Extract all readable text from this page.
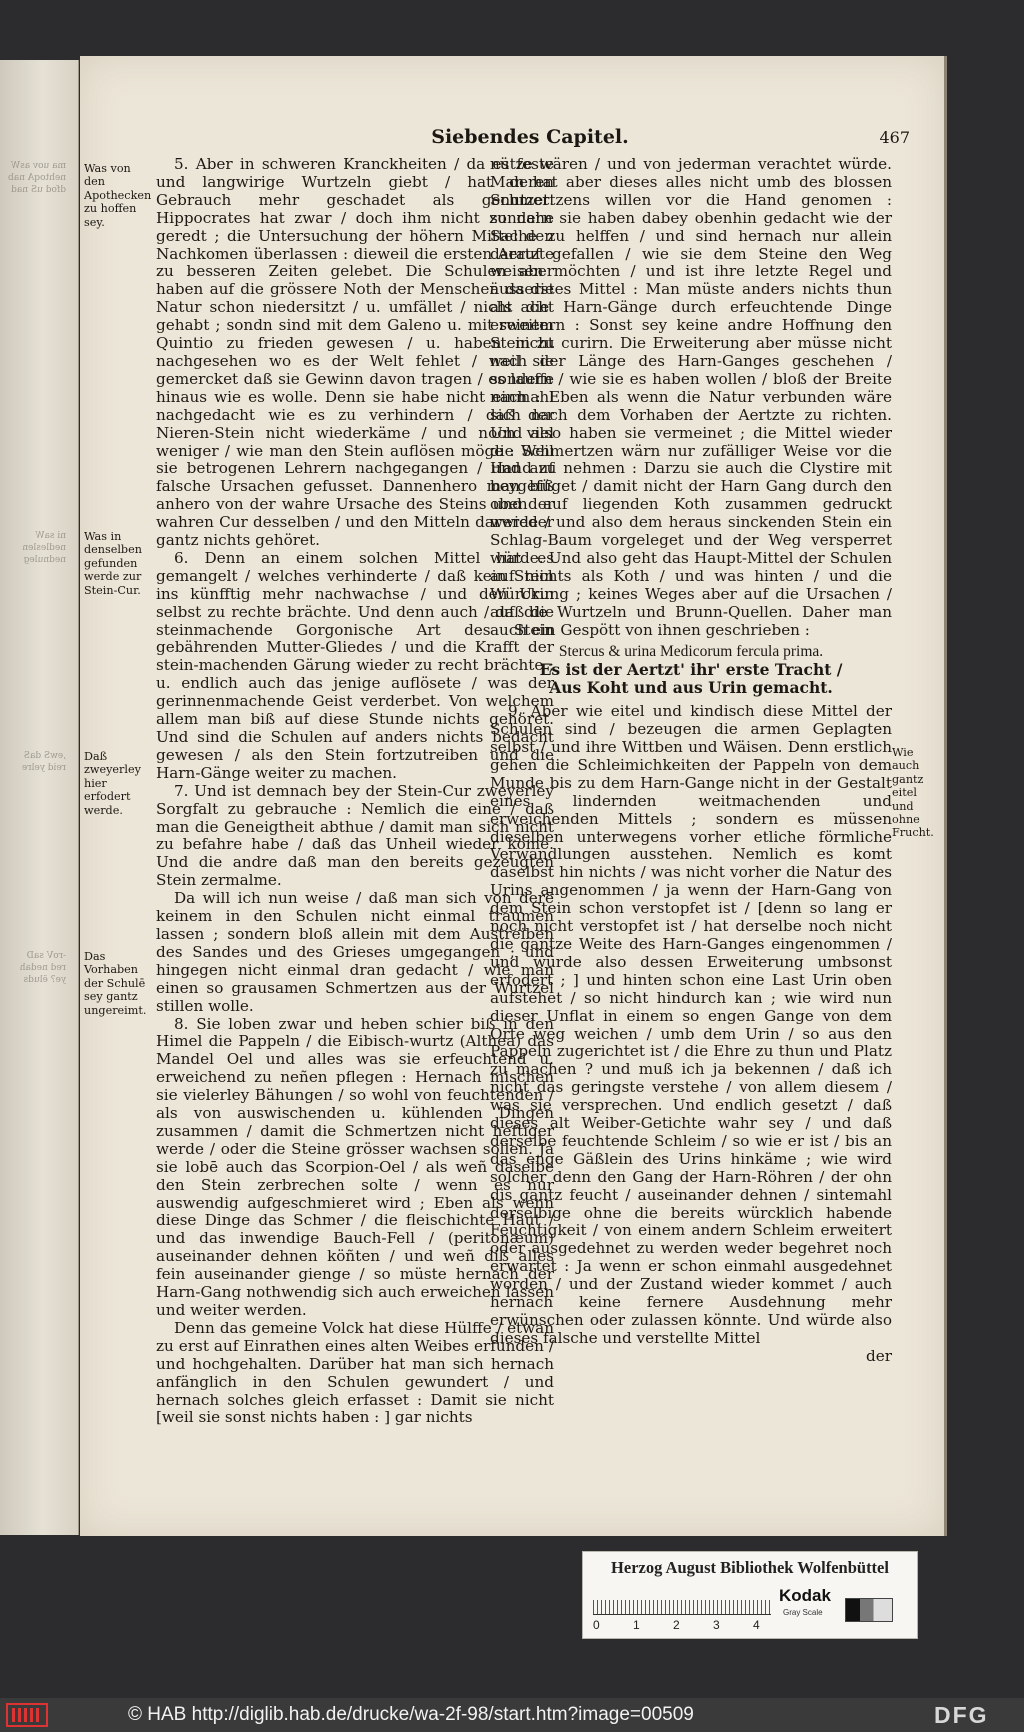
ma uov asW
nehtoqA nab
dfod uS nad
ni saW
nedleslen
nednuleg
,ewS daS
reid yelre
-roV saD
red nedah
ye? ëluds
Siebendes Capitel.	467

5. Aber in schweren Kranckheiten / da es feste und langwirige Wurtzeln giebt / hat deren Gebrauch mehr geschadet als genutzet. Hippocrates hat zwar / doch ihm nicht zu nahe geredt ; die Untersuchung der höhern Mittel den Nachkomen überlassen : dieweil die ersten Aertzte zu besseren Zeiten gelebet. Die Schulen aber haben auf die grössere Noth der Menschen da die Natur schon niedersitzt / u. umfället / nicht acht gehabt ; sondn sind mit dem Galeno u. mit seinem Quintio zu frieden gewesen / u. haben nicht nachgesehen wo es der Welt fehlet / weil sie gemercket daß sie Gewinn davon tragen / es lauffe hinaus wie es wolle. Denn sie habe nicht einmahl nachgedacht wie es zu verhindern / daß der Nieren-Stein nicht wiederkäme / und noch viel weniger / wie man den Stein auflösen möge : Weil sie betrogenen Lehrern nachgegangen / und auf falsche Ursachen gefusset. Dannenhero man biß anhero von der wahre Ursache des Steins und der wahren Cur desselben / und den Mitteln darwieder gantz nichts gehöret.

6. Denn an einem solchen Mittel hat es gemangelt / welches verhinderte / daß kein Stein ins künfftig mehr nachwachse / und den Urin selbst zu rechte brächte. Und denn auch / daß die steinmachende Gorgonische Art des Stein gebährenden Mutter-Gliedes / und die Krafft der stein-machenden Gärung wieder zu recht brächte ; u. endlich auch das jenige auflösete / was der gerinnenmachende Geist verderbet. Von welchem allem man biß auf diese Stunde nichts gehöret. Und sind die Schulen auf anders nichts bedacht gewesen / als den Stein fortzutreiben und die Harn-Gänge weiter zu machen.

7. Und ist demnach bey der Stein-Cur zweyerley Sorgfalt zu gebrauche : Nemlich die eine / daß man die Geneigtheit abthue / damit man sich nicht zu befahre habe / daß das Unheil wieder kome. Und die andre daß man den bereits gezeugten Stein zermalme.

Da will ich nun weise / daß man sich von derē keinem in den Schulen nicht einmal traumen lassen ; sondern bloß allein mit dem Austreiben des Sandes und des Grieses umgegangen ; und hingegen nicht einmal dran gedacht / wie man einen so grausamen Schmertzen aus der Wurtzel stillen wolle.

8. Sie loben zwar und heben schier biß in den Himel die Pappeln / die Eibisch-wurtz (Althea) das Mandel Oel und alles was sie erfeuchtend u. erweichend zu neñen pflegen : Hernach mischen sie vielerley Bähungen / so wohl von feuchtenden / als von auswischenden u. kühlenden Dingen zusammen / damit die Schmertzen nicht heftiger werde / oder die Steine grösser wachsen sollen. Ja sie lobē auch das Scorpion-Oel / als weñ daselbe den Stein zerbrechen solte / wenn es nur auswendig aufgeschmieret wird ; Eben als wenn diese Dinge das Schmer / die fleischichte Haut / und das inwendige Bauch-Fell / (peritonæum) auseinander dehnen köñten / und weñ diß alles fein auseinander gienge / so müste hernach der Harn-Gang nothwendig sich auch erweichen lassen und weiter werden.

Denn das gemeine Volck hat diese Hülffe / etwan zu erst auf Einrathen eines alten Weibes erfunden / und hochgehalten. Darüber hat man sich hernach anfänglich in den Schulen gewundert / und hernach solches gleich erfasset : Damit sie nicht [weil sie sonst nichts haben : ] gar nichts

nütze wären / und von jederman verachtet würde. Man hat aber dieses alles nicht umb des blossen Schmertzens willen vor die Hand genomen : sondern sie haben dabey obenhin gedacht wie der Sache zu helffen / und sind hernach nur allein darauf gefallen / wie sie dem Steine den Weg weisen möchten / und ist ihre letzte Regel und äusserstes Mittel : Man müste anders nichts thun als die Harn-Gänge durch erfeuchtende Dinge erweitern : Sonst sey keine andre Hoffnung den Stein zu curirn. Die Erweiterung aber müsse nicht nach der Länge des Harn-Ganges geschehen / sondern / wie sie es haben wollen / bloß der Breite nach : Eben als wenn die Natur verbunden wäre sich nach dem Vorhaben der Aertzte zu richten. Und also haben sie vermeinet ; die Mittel wieder die Schmertzen wärn nur zufälliger Weise vor die Hand zu nehmen : Darzu sie auch die Clystire mit beygefüget / damit nicht der Harn Gang durch den oben auf liegenden Koth zusammen gedruckt werde / und also dem heraus sinckenden Stein ein Schlag-Baum vorgeleget und der Weg versperret würde. Und also geht das Haupt-Mittel der Schulen auf nichts als Koth / und was hinten / und die Würckung ; keines Weges aber auf die Ursachen / auf die Wurtzeln und Brunn-Quellen. Daher man auch ein Gespött von ihnen geschrieben :

Stercus & urina Medicorum fercula prima.
Es ist der Aertzt' ihr' erste Tracht /
Aus Koht und aus Urin gemacht.

9. Aber wie eitel und kindisch diese Mittel der Schulen sind / bezeugen die armen Geplagten selbst / und ihre Wittben und Wäisen. Denn erstlich gehen die Schleimichkeiten der Pappeln von dem Munde bis zu dem Harn-Gange nicht in der Gestalt eines lindernden weitmachenden und erweichenden Mittels ; sondern es müssen dieselben unterwegens vorher etliche förmliche Verwandlungen ausstehen. Nemlich es komt daselbst hin nichts / was nicht vorher die Natur des Urins angenommen / ja wenn der Harn-Gang von dem Stein schon verstopfet ist / [denn so lang er noch nicht verstopfet ist / hat derselbe noch nicht die gantze Weite des Harn-Ganges eingenommen / und würde also dessen Erweiterung umbsonst erfodert ; ] und hinten schon eine Last Urin oben aufstehet / so nicht hindurch kan ; wie wird nun dieser Unflat in einem so engen Gange von dem Orte weg weichen / umb dem Urin / so aus den Pappeln zugerichtet ist / die Ehre zu thun und Platz zu machen ? und muß ich ja bekennen / daß ich nicht das geringste verstehe / von allem diesem / was sie versprechen. Und endlich gesetzt / daß dieses alt Weiber-Getichte wahr sey / und daß derselbe feuchtende Schleim / so wie er ist / bis an das enge Gäßlein des Urins hinkäme ; wie wird solcher denn den Gang der Harn-Röhren / der ohn dis gantz feucht / auseinander dehnen / sintemahl derselbige ohne die bereits würcklich habende Feuchtigkeit / von einem andern Schleim erweitert oder ausgedehnet zu werden weder begehret noch erwartet : Ja wenn er schon einmahl ausgedehnet worden / und der Zustand wieder kommet / auch hernach keine fernere Ausdehnung mehr erwünschen oder zulassen könnte. Und würde also dieses falsche und verstellte Mittel

der
Was von den Apothecken zu hoffen sey.
Was in denselben gefunden werde zur Stein-Cur.
Daß zweyerley hier erfodert werde.
Das Vorhaben der Schulē sey gantz ungereimt.
Wie auch gantz eitel und ohne Frucht.
Herzog August Bibliothek Wolfenbüttel
0	1	2	3	4
Kodak
Gray Scale
© HAB http://diglib.hab.de/drucke/wa-2f-98/start.htm?image=00509	DFG
